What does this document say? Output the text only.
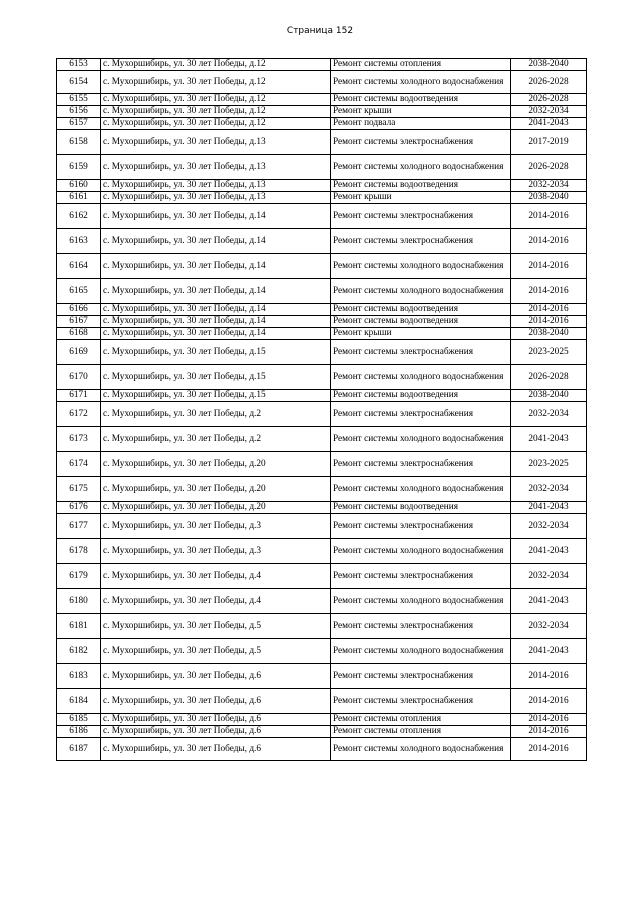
Страница 152
6153	с. Мухоршибирь, ул. 30 лет Победы, д.12	Ремонт системы отопления	2038-2040
6154	с. Мухоршибирь, ул. 30 лет Победы, д.12	Ремонт системы холодного водоснабжения	2026-2028
6155	с. Мухоршибирь, ул. 30 лет Победы, д.12	Ремонт системы водоотведения	2026-2028
6156	с. Мухоршибирь, ул. 30 лет Победы, д.12	Ремонт крыши	2032-2034
6157	с. Мухоршибирь, ул. 30 лет Победы, д.12	Ремонт подвала	2041-2043
6158	с. Мухоршибирь, ул. 30 лет Победы, д.13	Ремонт системы электроснабжения	2017-2019
6159	с. Мухоршибирь, ул. 30 лет Победы, д.13	Ремонт системы холодного водоснабжения	2026-2028
6160	с. Мухоршибирь, ул. 30 лет Победы, д.13	Ремонт системы водоотведения	2032-2034
6161	с. Мухоршибирь, ул. 30 лет Победы, д.13	Ремонт крыши	2038-2040
6162	с. Мухоршибирь, ул. 30 лет Победы, д.14	Ремонт системы электроснабжения	2014-2016
6163	с. Мухоршибирь, ул. 30 лет Победы, д.14	Ремонт системы электроснабжения	2014-2016
6164	с. Мухоршибирь, ул. 30 лет Победы, д.14	Ремонт системы холодного водоснабжения	2014-2016
6165	с. Мухоршибирь, ул. 30 лет Победы, д.14	Ремонт системы холодного водоснабжения	2014-2016
6166	с. Мухоршибирь, ул. 30 лет Победы, д.14	Ремонт системы водоотведения	2014-2016
6167	с. Мухоршибирь, ул. 30 лет Победы, д.14	Ремонт системы водоотведения	2014-2016
6168	с. Мухоршибирь, ул. 30 лет Победы, д.14	Ремонт крыши	2038-2040
6169	с. Мухоршибирь, ул. 30 лет Победы, д.15	Ремонт системы электроснабжения	2023-2025
6170	с. Мухоршибирь, ул. 30 лет Победы, д.15	Ремонт системы холодного водоснабжения	2026-2028
6171	с. Мухоршибирь, ул. 30 лет Победы, д.15	Ремонт системы водоотведения	2038-2040
6172	с. Мухоршибирь, ул. 30 лет Победы, д.2	Ремонт системы электроснабжения	2032-2034
6173	с. Мухоршибирь, ул. 30 лет Победы, д.2	Ремонт системы холодного водоснабжения	2041-2043
6174	с. Мухоршибирь, ул. 30 лет Победы, д.20	Ремонт системы электроснабжения	2023-2025
6175	с. Мухоршибирь, ул. 30 лет Победы, д.20	Ремонт системы холодного водоснабжения	2032-2034
6176	с. Мухоршибирь, ул. 30 лет Победы, д.20	Ремонт системы водоотведения	2041-2043
6177	с. Мухоршибирь, ул. 30 лет Победы, д.3	Ремонт системы электроснабжения	2032-2034
6178	с. Мухоршибирь, ул. 30 лет Победы, д.3	Ремонт системы холодного водоснабжения	2041-2043
6179	с. Мухоршибирь, ул. 30 лет Победы, д.4	Ремонт системы электроснабжения	2032-2034
6180	с. Мухоршибирь, ул. 30 лет Победы, д.4	Ремонт системы холодного водоснабжения	2041-2043
6181	с. Мухоршибирь, ул. 30 лет Победы, д.5	Ремонт системы электроснабжения	2032-2034
6182	с. Мухоршибирь, ул. 30 лет Победы, д.5	Ремонт системы холодного водоснабжения	2041-2043
6183	с. Мухоршибирь, ул. 30 лет Победы, д.6	Ремонт системы электроснабжения	2014-2016
6184	с. Мухоршибирь, ул. 30 лет Победы, д.6	Ремонт системы электроснабжения	2014-2016
6185	с. Мухоршибирь, ул. 30 лет Победы, д.6	Ремонт системы отопления	2014-2016
6186	с. Мухоршибирь, ул. 30 лет Победы, д.6	Ремонт системы отопления	2014-2016
6187	с. Мухоршибирь, ул. 30 лет Победы, д.6	Ремонт системы холодного водоснабжения	2014-2016
